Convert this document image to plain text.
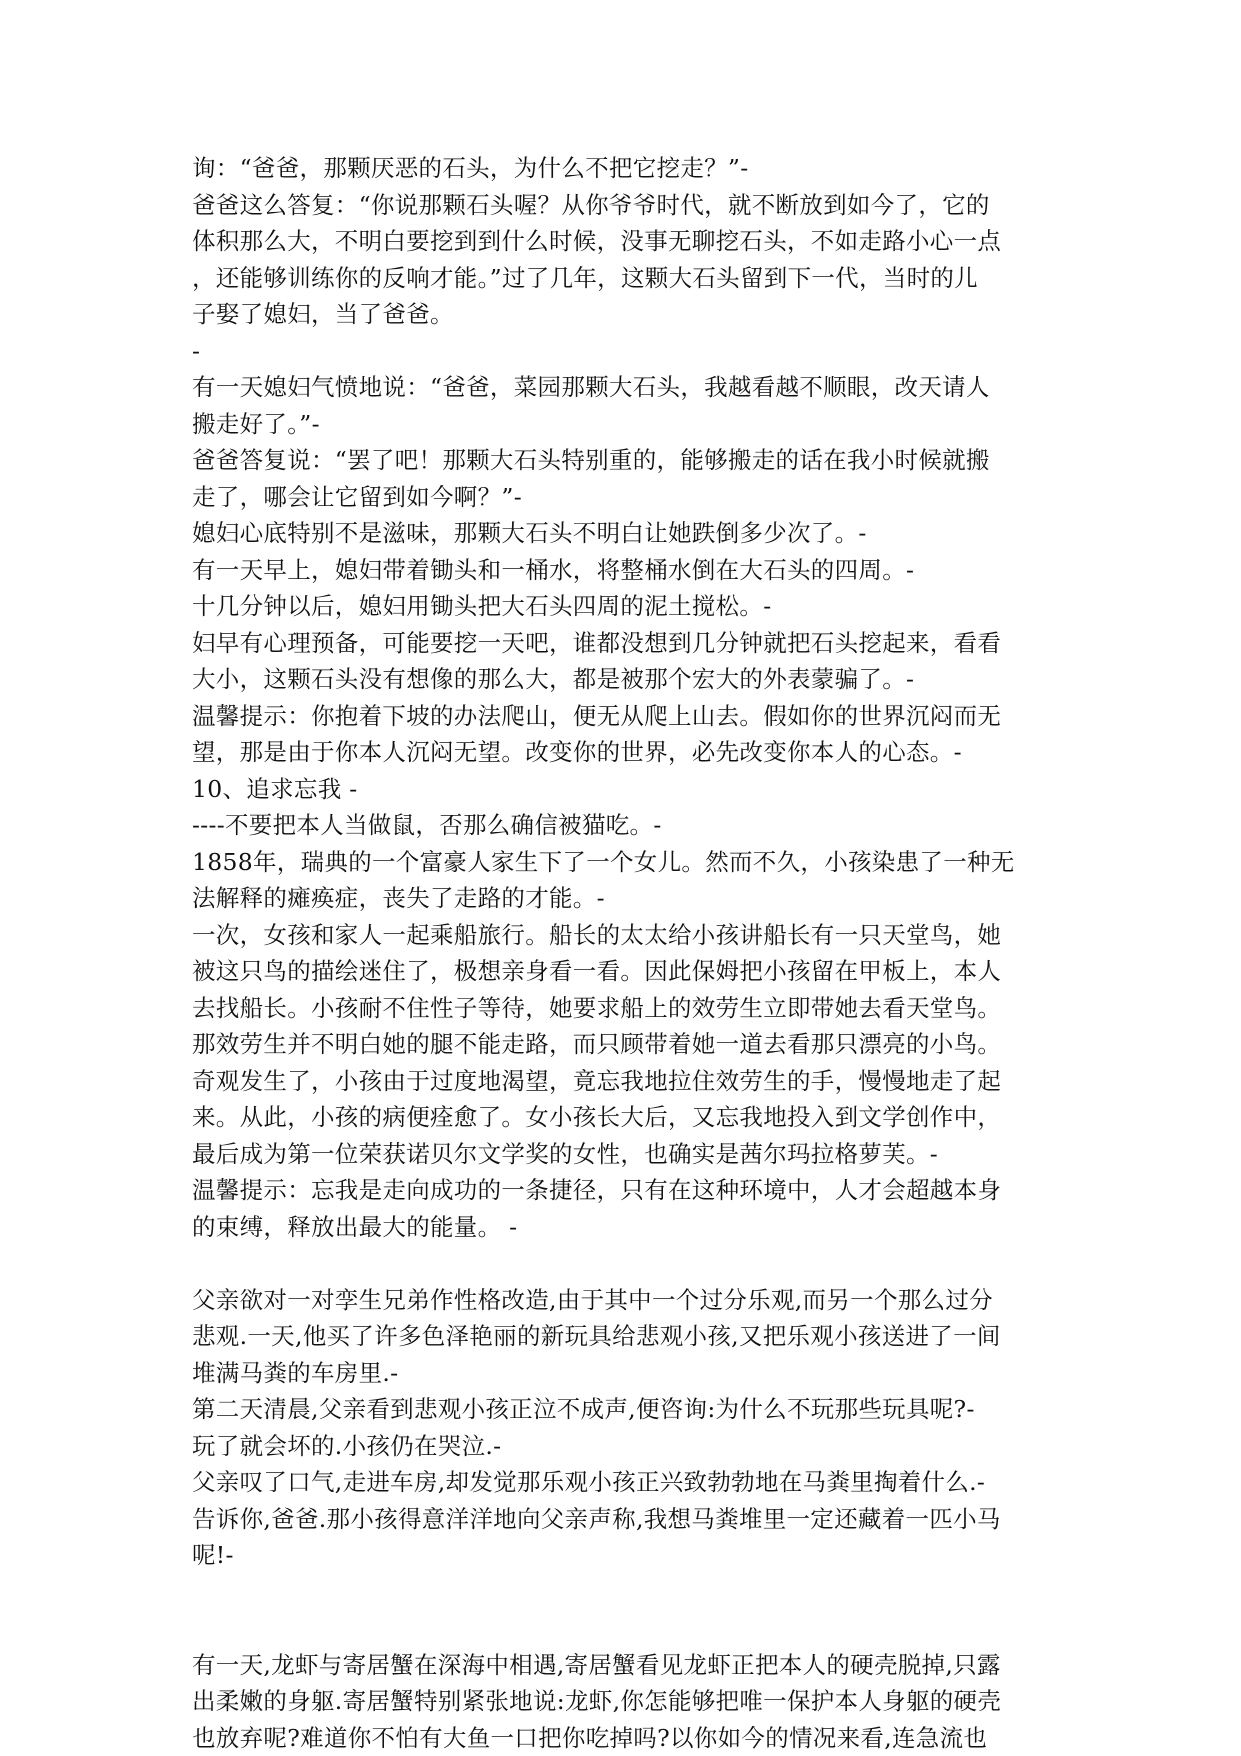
询：“爸爸，那颗厌恶的石头，为什么不把它挖走？”-
爸爸这么答复：“你说那颗石头喔？从你爷爷时代，就不断放到如今了，它的
体积那么大，不明白要挖到到什么时候，没事无聊挖石头，不如走路小心一点
，还能够训练你的反响才能。”过了几年，这颗大石头留到下一代，当时的儿
子娶了媳妇，当了爸爸。
-
有一天媳妇气愤地说：“爸爸，菜园那颗大石头，我越看越不顺眼，改天请人
搬走好了。”-
爸爸答复说：“罢了吧！那颗大石头特别重的，能够搬走的话在我小时候就搬
走了，哪会让它留到如今啊？”-
媳妇心底特别不是滋味，那颗大石头不明白让她跌倒多少次了。-
有一天早上，媳妇带着锄头和一桶水，将整桶水倒在大石头的四周。-
十几分钟以后，媳妇用锄头把大石头四周的泥土搅松。-
妇早有心理预备，可能要挖一天吧，谁都没想到几分钟就把石头挖起来，看看
大小，这颗石头没有想像的那么大，都是被那个宏大的外表蒙骗了。-
温馨提示：你抱着下坡的办法爬山，便无从爬上山去。假如你的世界沉闷而无
望，那是由于你本人沉闷无望。改变你的世界，必先改变你本人的心态。-
10、追求忘我 -
----不要把本人当做鼠，否那么确信被猫吃。-
1858年，瑞典的一个富豪人家生下了一个女儿。然而不久，小孩染患了一种无
法解释的瘫痪症，丧失了走路的才能。-
一次，女孩和家人一起乘船旅行。船长的太太给小孩讲船长有一只天堂鸟，她
被这只鸟的描绘迷住了，极想亲身看一看。因此保姆把小孩留在甲板上，本人
去找船长。小孩耐不住性子等待，她要求船上的效劳生立即带她去看天堂鸟。
那效劳生并不明白她的腿不能走路，而只顾带着她一道去看那只漂亮的小鸟。
奇观发生了，小孩由于过度地渴望，竟忘我地拉住效劳生的手，慢慢地走了起
来。从此，小孩的病便痊愈了。女小孩长大后，又忘我地投入到文学创作中，
最后成为第一位荣获诺贝尔文学奖的女性，也确实是茜尔玛拉格萝芙。-
温馨提示：忘我是走向成功的一条捷径，只有在这种环境中，人才会超越本身
的束缚，释放出最大的能量。 -
父亲欲对一对孪生兄弟作性格改造,由于其中一个过分乐观,而另一个那么过分
悲观.一天,他买了许多色泽艳丽的新玩具给悲观小孩,又把乐观小孩送进了一间
堆满马粪的车房里.-
第二天清晨,父亲看到悲观小孩正泣不成声,便咨询:为什么不玩那些玩具呢?-
玩了就会坏的.小孩仍在哭泣.-
父亲叹了口气,走进车房,却发觉那乐观小孩正兴致勃勃地在马粪里掏着什么.-
告诉你,爸爸.那小孩得意洋洋地向父亲声称,我想马粪堆里一定还藏着一匹小马
呢!-
有一天,龙虾与寄居蟹在深海中相遇,寄居蟹看见龙虾正把本人的硬壳脱掉,只露
出柔嫩的身躯.寄居蟹特别紧张地说:龙虾,你怎能够把唯一保护本人身躯的硬壳
也放弃呢?难道你不怕有大鱼一口把你吃掉吗?以你如今的情况来看,连急流也
